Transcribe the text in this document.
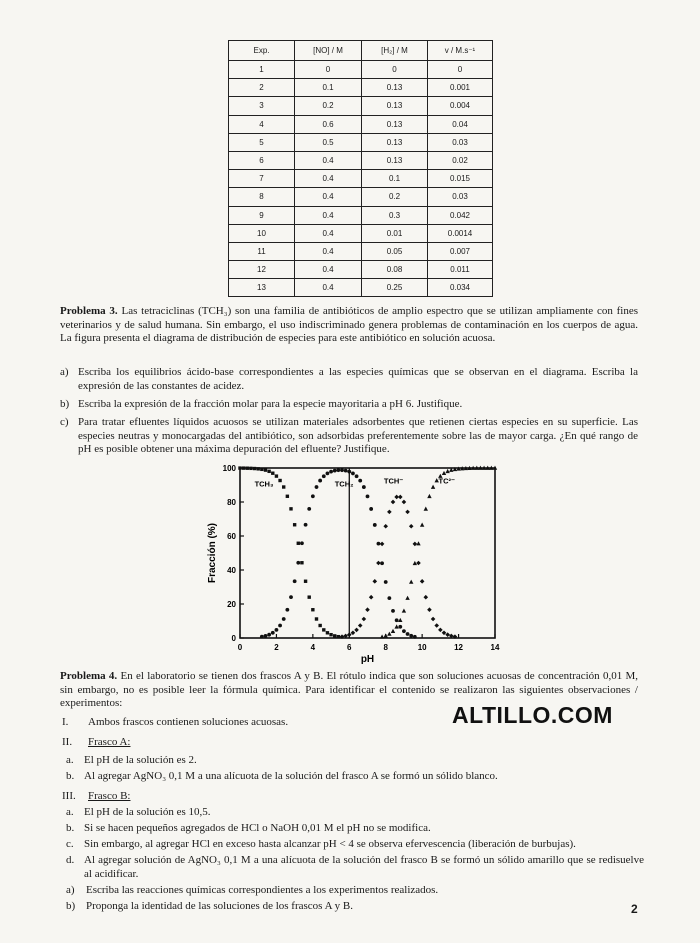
Exp.	[NO] / M	[H₂] / M	v / M.s⁻¹
1	0	0	0
2	0.1	0.13	0.001
3	0.2	0.13	0.004
4	0.6	0.13	0.04
5	0.5	0.13	0.03
6	0.4	0.13	0.02
7	0.4	0.1	0.015
8	0.4	0.2	0.03
9	0.4	0.3	0.042
10	0.4	0.01	0.0014
11	0.4	0.05	0.007
12	0.4	0.08	0.011
13	0.4	0.25	0.034
Problema 3. Las tetraciclinas (TCH₃) son una familia de antibióticos de amplio espectro que se utilizan ampliamente con fines veterinarios y de salud humana. Sin embargo, el uso indiscriminado genera problemas de contaminación en los cuerpos de agua. La figura presenta el diagrama de distribución de especies para este antibiótico en solución acuosa.
a) Escriba los equilibrios ácido-base correspondientes a las especies químicas que se observan en el diagrama. Escriba la expresión de las constantes de acidez.
b) Escriba la expresión de la fracción molar para la especie mayoritaria a pH 6. Justifique.
c) Para tratar efluentes líquidos acuosos se utilizan materiales adsorbentes que retienen ciertas especies en su superficie. Las especies neutras y monocargadas del antibiótico, son adsorbidas preferentemente sobre las de mayor carga. ¿En qué rango de pH es posible obtener una máxima depuración del efluente? Justifique.
0	2	4	6	8	10	12	14
0
20
40
60
80
100
pH
Fracción (%)
TCH₃	TCH₂	TCH⁻	TC²⁻
Problema 4. En el laboratorio se tienen dos frascos A y B. El rótulo indica que son soluciones acuosas de concentración 0,01 M, sin embargo, no es posible leer la fórmula química. Para identificar el contenido se realizaron las siguientes observaciones / experimentos:
I. Ambos frascos contienen soluciones acuosas.
II. Frasco A:
a. El pH de la solución es 2.
b. Al agregar AgNO₃ 0,1 M a una alícuota de la solución del frasco A se formó un sólido blanco.
III. Frasco B:
a. El pH de la solución es 10,5.
b. Si se hacen pequeños agregados de HCl o NaOH 0,01 M el pH no se modifica.
c. Sin embargo, al agregar HCl en exceso hasta alcanzar pH < 4 se observa efervescencia (liberación de burbujas).
d. Al agregar solución de AgNO₃ 0,1 M a una alícuota de la solución del frasco B se formó un sólido amarillo que se redisuelve al acidificar.
a) Escriba las reacciones químicas correspondientes a los experimentos realizados.
b) Proponga la identidad de las soluciones de los frascos A y B.
ALTILLO.COM
2
